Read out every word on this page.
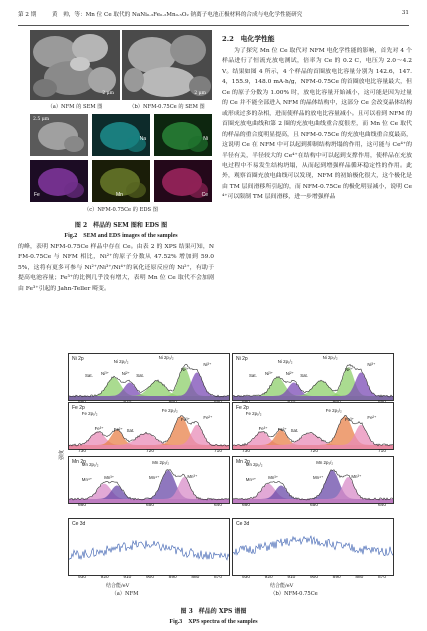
第 2 期	黄　帅，等：Mn 位 Ce 取代的 NaNi₀.₃Fe₀.₂Mn₀.₅O₂ 钠离子电池正极材料的合成与电化学性能研究	31
2 μm
（a）NFM 的 SEM 图
2 μm
（b）NFM-0.75Ce 的 SEM 图
2.5 μm
Na	Ni
Fe	Mn	Ce
（c）NFM-0.75Ce 的 EDS 图
图 2　样品的 SEM 图和 EDS 图
Fig.2　SEM and EDS images of the samples
的峰，表明 NFM-0.75Ce 样品中存在 Ce。由表 2 的 XPS 结果可知，NFM-0.75Ce 与 NFM 相比，Ni²⁺的原子分数从 47.52% 增加到 59.05%，这将有更多可参与 Ni²⁺/Ni³⁺/Ni⁴⁺的氧化还原反应的 Ni²⁺，有助于提高电池容量；Fe³⁺的比例几乎没有增大，表明 Mn 位 Ce 取代不会加剧由 Fe³⁺引起的 Jahn-Teller 畸变。
2.2　电化学性能
为了探究 Mn 位 Ce 取代对 NFM 电化学性能的影响，首先对 4 个样品进行了恒流充放电测试，倍率为 Ce 的 0.2 C，电压为 2.0～4.2 V。结果如图 4 所示，4 个样品的首圈放电比容量分别为 142.6，147.4，155.9，148.0 mA·h/g，NFM-0.75Ce 的首圈放电比容量最大，但 Ce 的原子分数为 1.00% 时，放电比容量开始减小，这可能是因为过量的 Ce 并不能全部进入 NFM 的晶体结构中，这部分 Ce 会改变晶体结构或形成过多的杂相，进而使样品的放电比容量减小。且可以看到 NFM 的首圈充放电曲线和第 2 圈的充放电曲线重合度很差，而 Mn 位 Ce 取代的样品的重合度明显提高，且 NFM-0.75Ce 的充放电曲线重合度最高，这说明 Ce 在 NFM 中可以起到抑制结构坍塌的作用，这可能与 Ce⁴⁺的半径有关，半径较大的 Ce⁴⁺在结构中可以起到支撑作用，使样品在充放电过程中不易发生结构坍塌，从而起到增强样品循环稳定性的作用。此外，观察首圈充放电曲线可以发现，NFM 的初始极化很大，这个极化是由 TM 层间滑移所引起的，而 NFM-0.75Ce 的极化明显减小，说明 Ce⁴⁺可以限制 TM 层间滑移，进一步增强样品
强度
Ni 2p	Ni 2p₁/₂
Ni 2p₃/₂
Sat.	Sat.
Ni²⁺
Ni³⁺
Ni³⁺	Ni²⁺
Fe 2p
Fe 2p₁/₂
Fe 2p₃/₂
Sat.
Fe³⁺
Fe³⁺	Fe²⁺
Fe²⁺
730	720	710
Mn 2p
Mn 2p₁/₂	Mn 2p₃/₂
Mn⁴⁺	Mn³⁺	Mn⁴⁺	Mn³⁺
660	650	640
Ce 3d
930	920	910	900	890	880	870
Ni 2p	Ni 2p₁/₂
Ni 2p₃/₂
Sat.	Sat.
Ni²⁺
Ni³⁺
Ni³⁺	Ni²⁺
Fe 2p
Fe 2p₁/₂
Fe 2p₃/₂
Sat.
Fe³⁺
Fe³⁺	Fe²⁺
Fe²⁺
730	720	710
Mn 2p
Mn 2p₁/₂	Mn 2p₃/₂
Mn⁴⁺	Mn³⁺	Mn⁴⁺	Mn³⁺
660	650	640
Ce 3d
930	920	910	900	890	880	870
结合能/eV	结合能/eV
（a）NFM	（b）NFM-0.75Ce
图 3　样品的 XPS 谱图
Fig.3　XPS spectra of the samples
